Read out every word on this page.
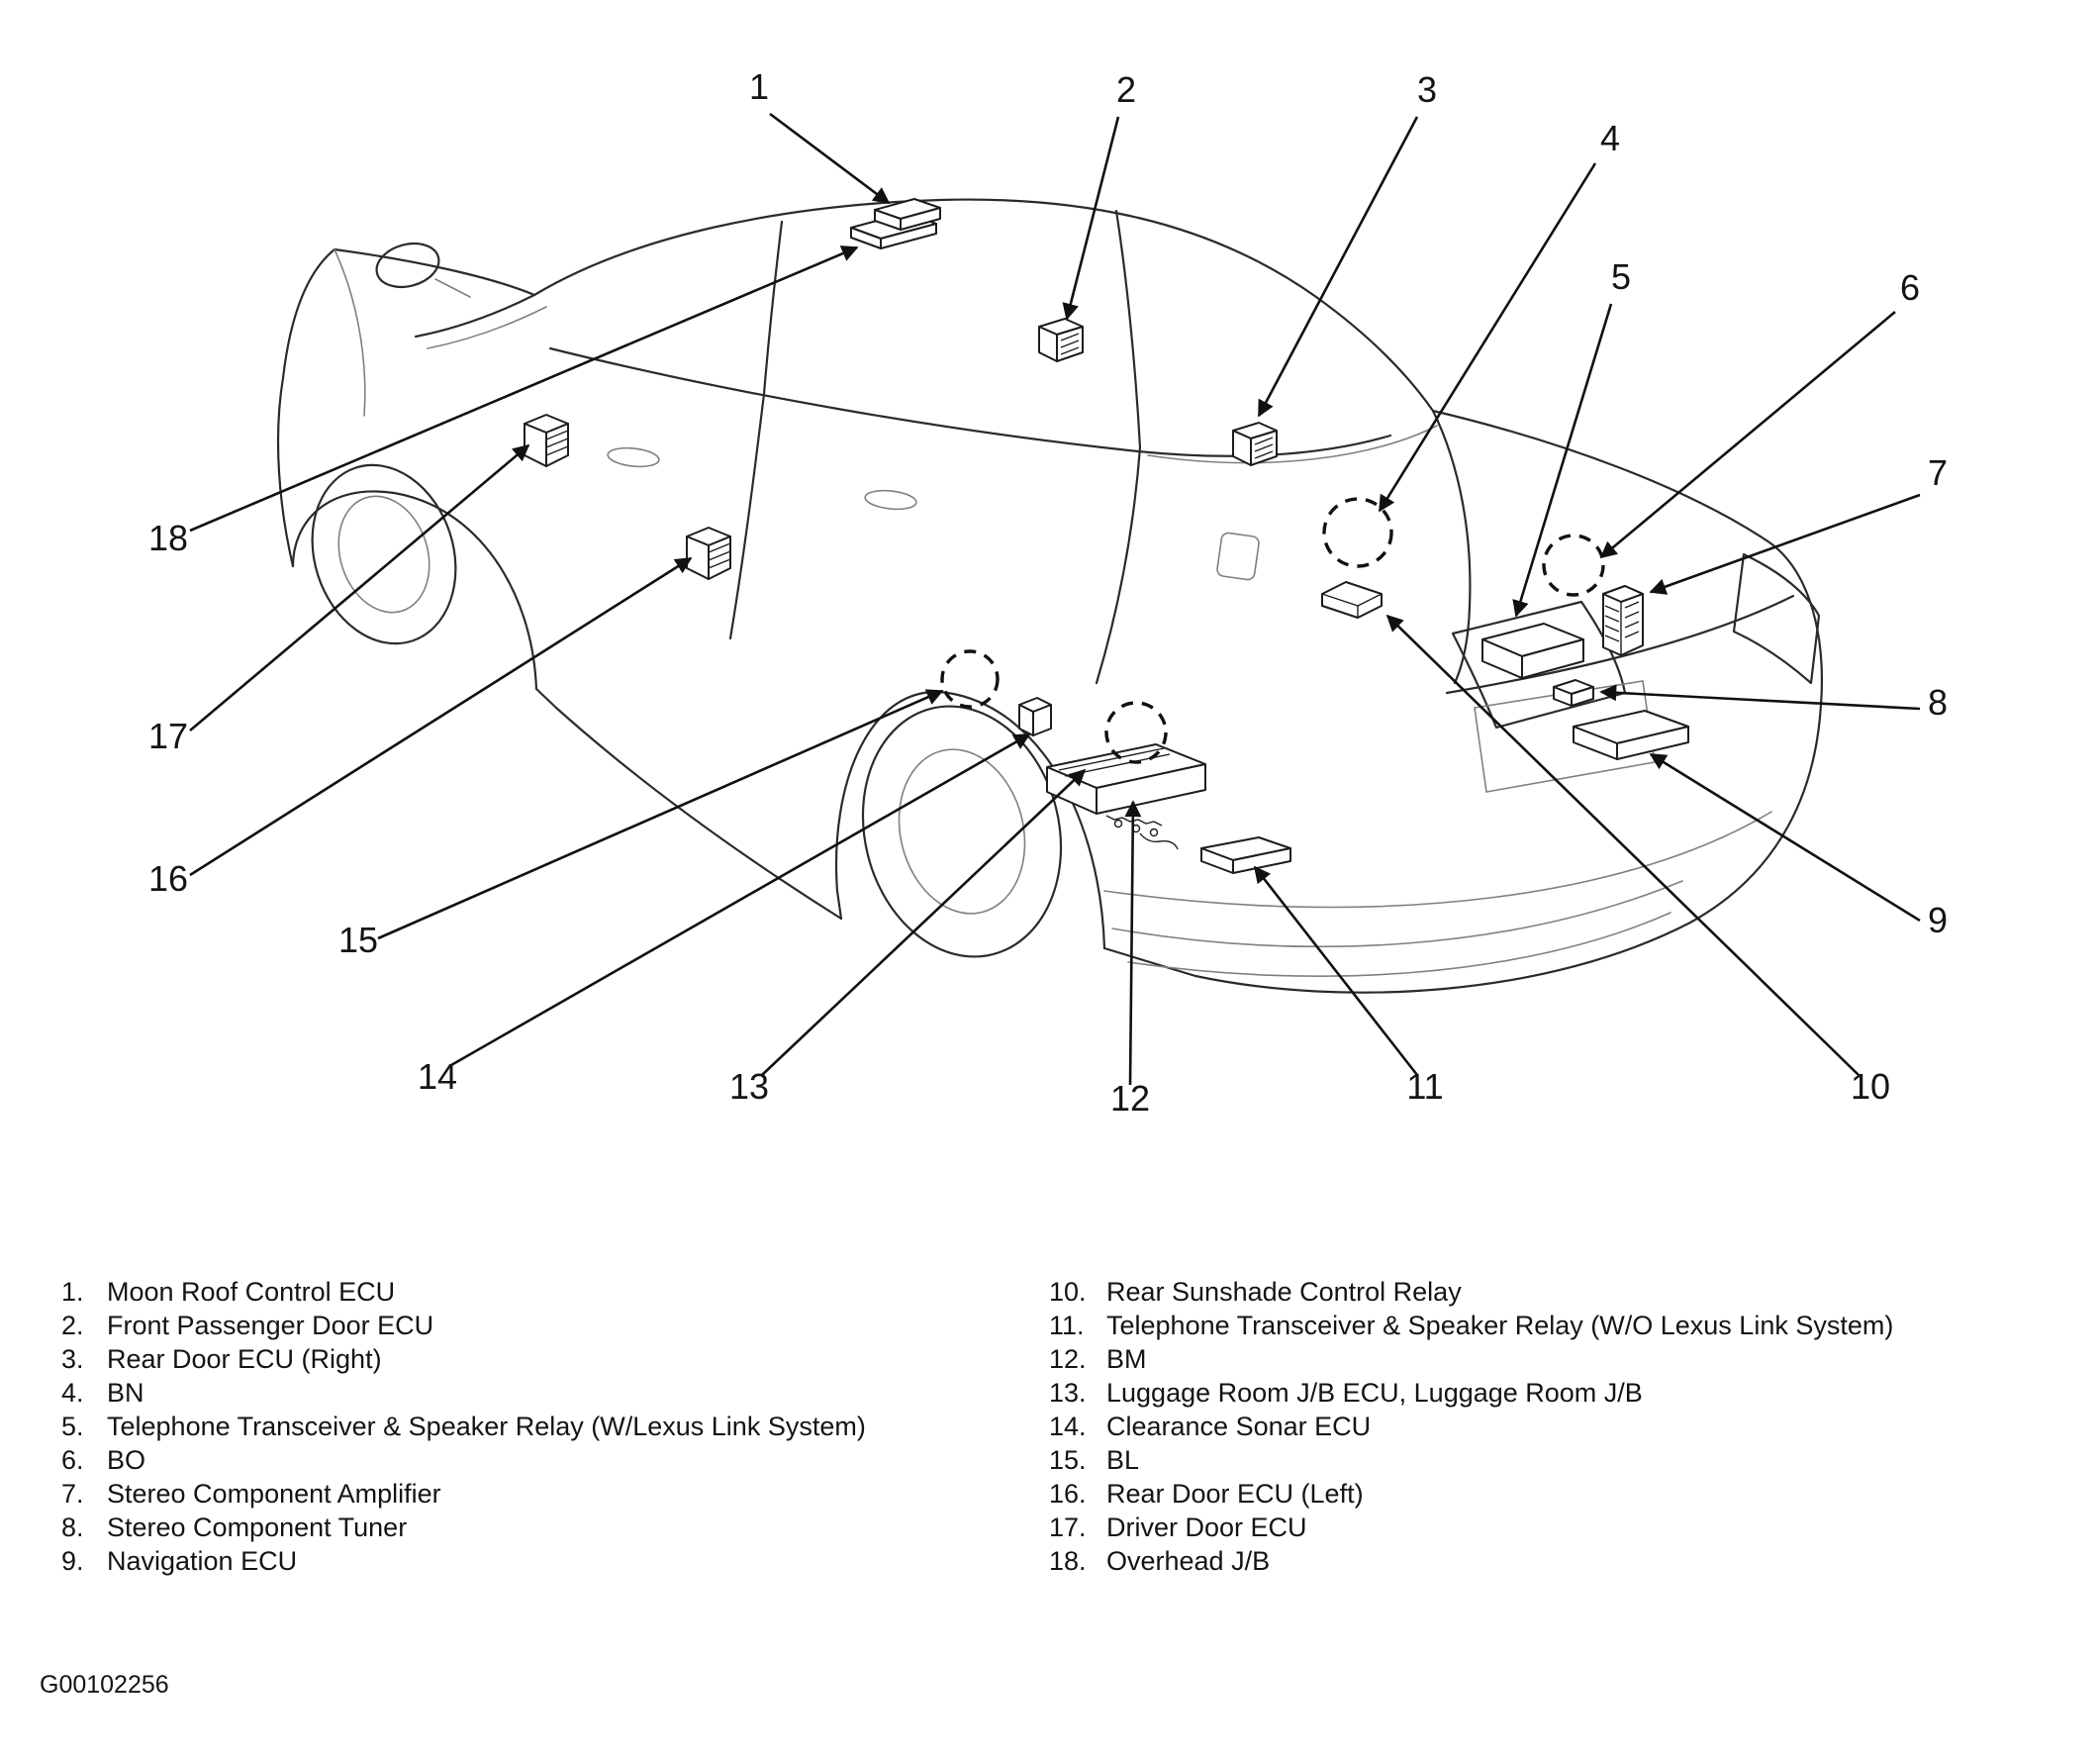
1	2	3
4
5	6
7
8
9
10
11
12
13
14
15
16
17
18
1. Moon Roof Control ECU
2. Front Passenger Door ECU
3. Rear Door ECU (Right)
4. BN
5. Telephone Transceiver & Speaker Relay (W/Lexus Link System)
6. BO
7. Stereo Component Amplifier
8. Stereo Component Tuner
9. Navigation ECU
10. Rear Sunshade Control Relay
11. Telephone Transceiver & Speaker Relay (W/O Lexus Link System)
12. BM
13. Luggage Room J/B ECU, Luggage Room J/B
14. Clearance Sonar ECU
15. BL
16. Rear Door ECU (Left)
17. Driver Door ECU
18. Overhead J/B
G00102256
